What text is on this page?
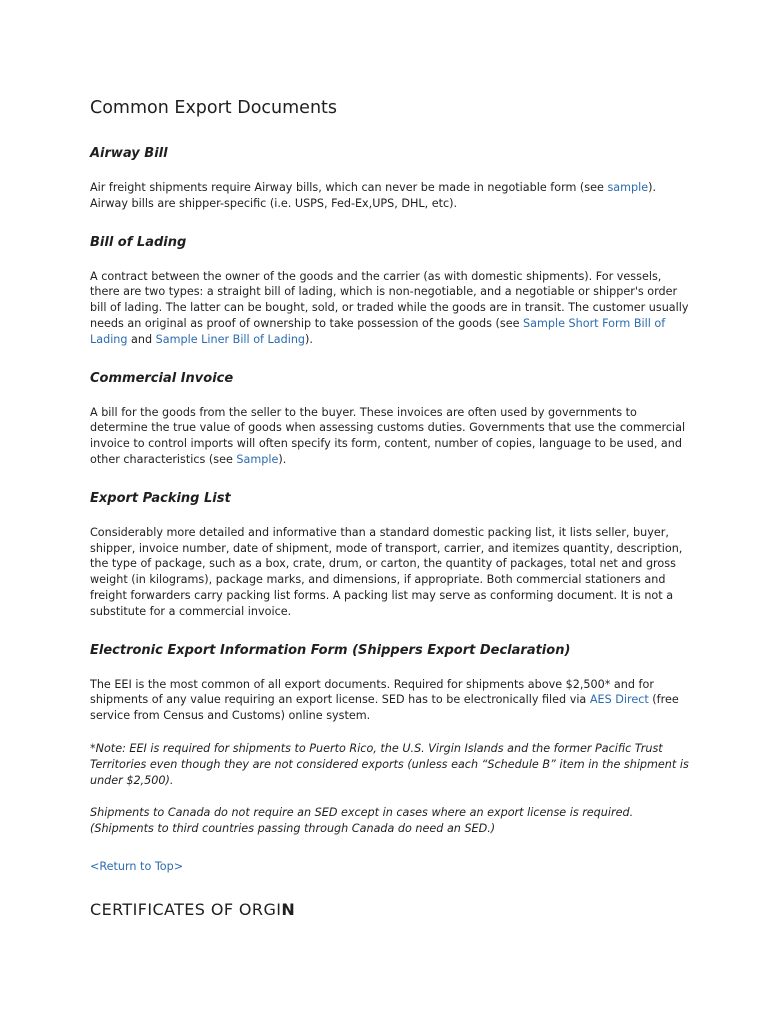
Common Export Documents
Airway Bill

Air freight shipments require Airway bills, which can never be made in negotiable form (see sample). Airway bills are shipper-specific (i.e. USPS, Fed-Ex,UPS, DHL, etc).

Bill of Lading

A contract between the owner of the goods and the carrier (as with domestic shipments). For vessels, there are two types: a straight bill of lading, which is non-negotiable, and a negotiable or shipper's order bill of lading. The latter can be bought, sold, or traded while the goods are in transit. The customer usually needs an original as proof of ownership to take possession of the goods (see Sample Short Form Bill of Lading and Sample Liner Bill of Lading).

Commercial Invoice

A bill for the goods from the seller to the buyer. These invoices are often used by governments to determine the true value of goods when assessing customs duties. Governments that use the commercial invoice to control imports will often specify its form, content, number of copies, language to be used, and other characteristics (see Sample).

Export Packing List

Considerably more detailed and informative than a standard domestic packing list, it lists seller, buyer, shipper, invoice number, date of shipment, mode of transport, carrier, and itemizes quantity, description, the type of package, such as a box, crate, drum, or carton, the quantity of packages, total net and gross weight (in kilograms), package marks, and dimensions, if appropriate. Both commercial stationers and freight forwarders carry packing list forms. A packing list may serve as conforming document. It is not a substitute for a commercial invoice.

Electronic Export Information Form (Shippers Export Declaration)

The EEI is the most common of all export documents. Required for shipments above $2,500* and for shipments of any value requiring an export license. SED has to be electronically filed via AES Direct (free service from Census and Customs) online system.

*Note: EEI is required for shipments to Puerto Rico, the U.S. Virgin Islands and the former Pacific Trust Territories even though they are not considered exports (unless each “Schedule B” item in the shipment is under $2,500).

Shipments to Canada do not require an SED except in cases where an export license is required. (Shipments to third countries passing through Canada do need an SED.)

<Return to Top>
CERTIFICATES OF ORGIN
